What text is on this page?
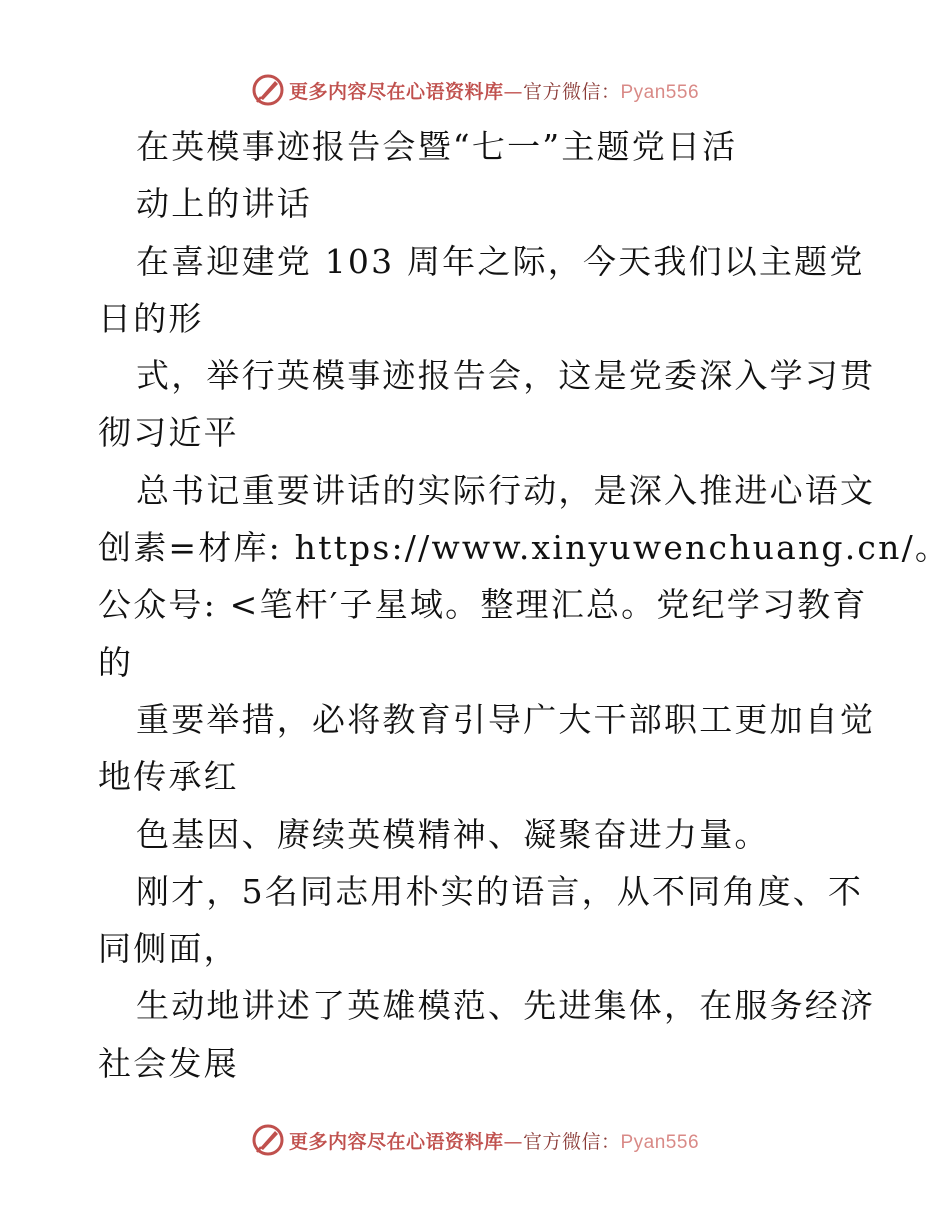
更多内容尽在心语资料库—官方微信：Pyan556
在英模事迹报告会暨“七一”主题党日活
动上的讲话
在喜迎建党 103 周年之际，今天我们以主题党
日的形
式，举行英模事迹报告会，这是党委深入学习贯
彻习近平
总书记重要讲话的实际行动，是深入推进心语文
创素=材库: https://www.xinyuwenchuang.cn/。
公众号: <笔杆′子星域。整理汇总。党纪学习教育
的
重要举措，必将教育引导广大干部职工更加自觉
地传承红
色基因、赓续英模精神、凝聚奋进力量。
刚才，5名同志用朴实的语言，从不同角度、不
同侧面，
生动地讲述了英雄模范、先进集体，在服务经济
社会发展
更多内容尽在心语资料库—官方微信：Pyan556
